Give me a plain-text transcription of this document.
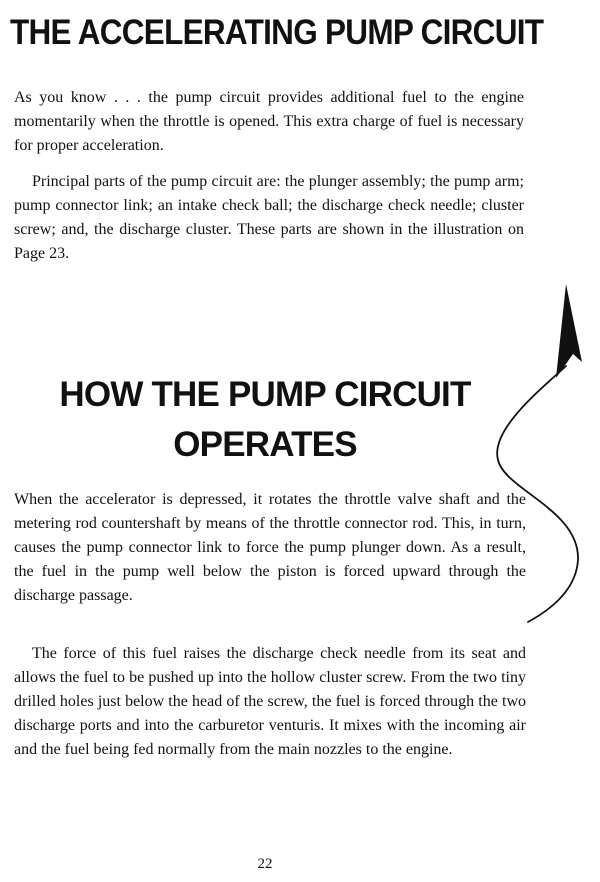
THE ACCELERATING PUMP CIRCUIT

As you know . . . the pump circuit provides additional fuel to the engine momentarily when the throttle is opened. This extra charge of fuel is necessary for proper acceleration.

Principal parts of the pump circuit are: the plunger assembly; the pump arm; pump connector link; an intake check ball; the discharge check needle; cluster screw; and, the discharge cluster. These parts are shown in the illustration on Page 23.

HOW THE PUMP CIRCUIT
OPERATES

When the accelerator is depressed, it rotates the throttle valve shaft and the metering rod countershaft by means of the throttle connector rod. This, in turn, causes the pump connector link to force the pump plunger down. As a result, the fuel in the pump well below the piston is forced upward through the discharge passage.

The force of this fuel raises the discharge check needle from its seat and allows the fuel to be pushed up into the hollow cluster screw. From the two tiny drilled holes just below the head of the screw, the fuel is forced through the two discharge ports and into the carburetor venturis. It mixes with the incoming air and the fuel being fed normally from the main nozzles to the engine.

22
